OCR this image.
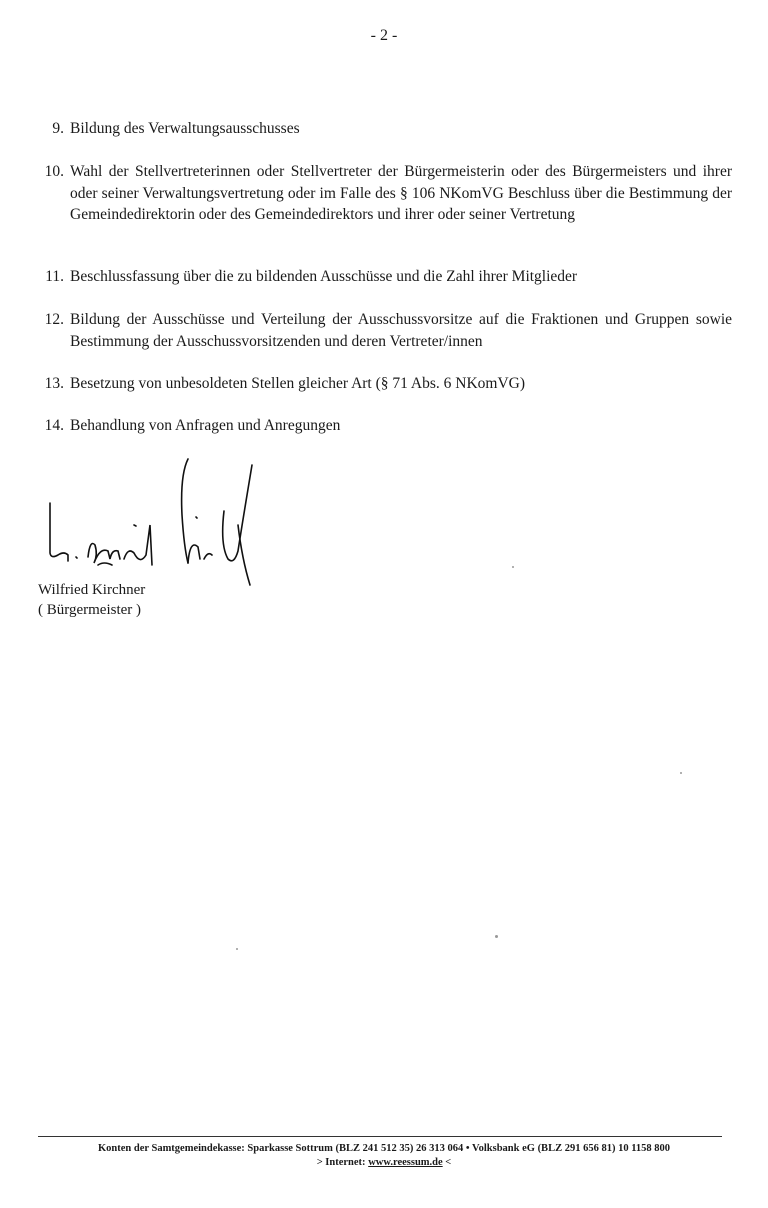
- 2 -
9. Bildung des Verwaltungsausschusses
10. Wahl der Stellvertreterinnen oder Stellvertreter der Bürgermeisterin oder des Bürgermeisters und ihrer oder seiner Verwaltungsvertretung oder im Falle des § 106 NKomVG Beschluss über die Bestimmung der Gemeindedirektorin oder des Gemeindedirektors und ihrer oder seiner Vertretung
11. Beschlussfassung über die zu bildenden Ausschüsse und die Zahl ihrer Mitglieder
12. Bildung der Ausschüsse und Verteilung der Ausschussvorsitze auf die Fraktionen und Gruppen sowie Bestimmung der Ausschussvorsitzenden und deren Vertreter/innen
13. Besetzung von unbesoldeten Stellen gleicher Art (§ 71 Abs. 6 NKomVG)
14. Behandlung von Anfragen und Anregungen
Wilfried Kirchner
( Bürgermeister )
Konten der Samtgemeindekasse: Sparkasse Sottrum (BLZ 241 512 35) 26 313 064 • Volksbank eG (BLZ 291 656 81) 10 1158 800
> Internet: www.reessum.de <
